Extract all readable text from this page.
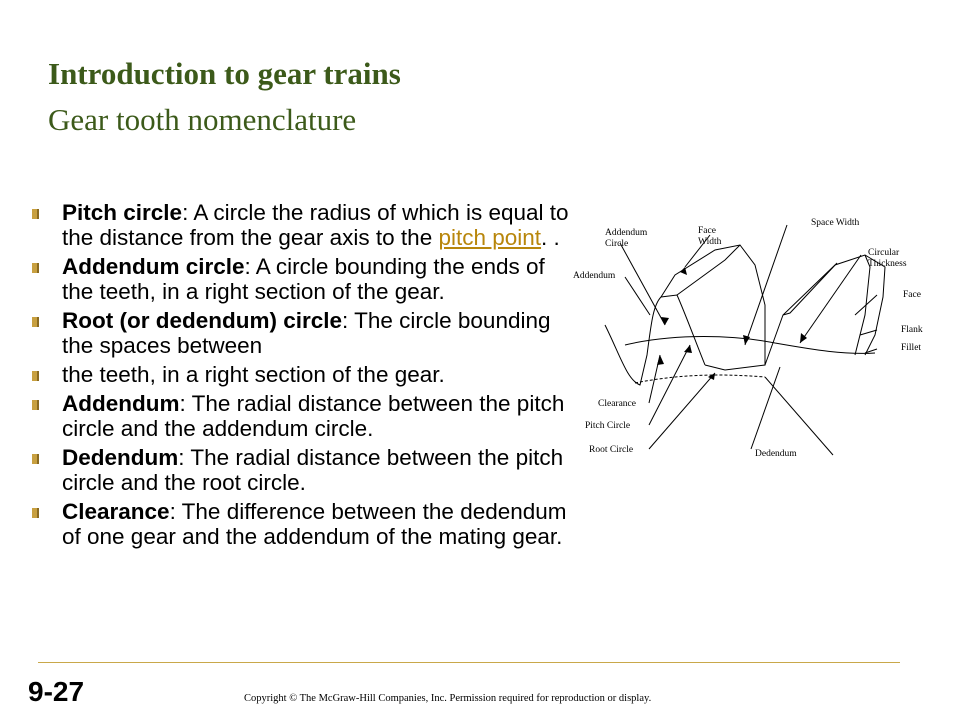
Introduction to gear trains
Gear tooth nomenclature
Pitch circle: A circle the radius of which is equal to the distance from the gear axis to the pitch point. .
Addendum circle: A circle bounding the ends of the teeth, in a right section of the gear.
Root (or dedendum) circle: The circle bounding the spaces between
the teeth, in a right section of the gear.
Addendum: The radial distance between the pitch circle and the addendum circle.
Dedendum: The radial distance between the pitch circle and the root circle.
Clearance: The difference between the dedendum of one gear and the addendum of the mating gear.
Addendum
Circle
Face
Width
Space Width
Circular
Thickness
Addendum
Face
Flank
Fillet
Clearance
Pitch Circle
Root Circle	Dedendum
9-27	Copyright © The McGraw-Hill Companies, Inc. Permission required for reproduction or display.
